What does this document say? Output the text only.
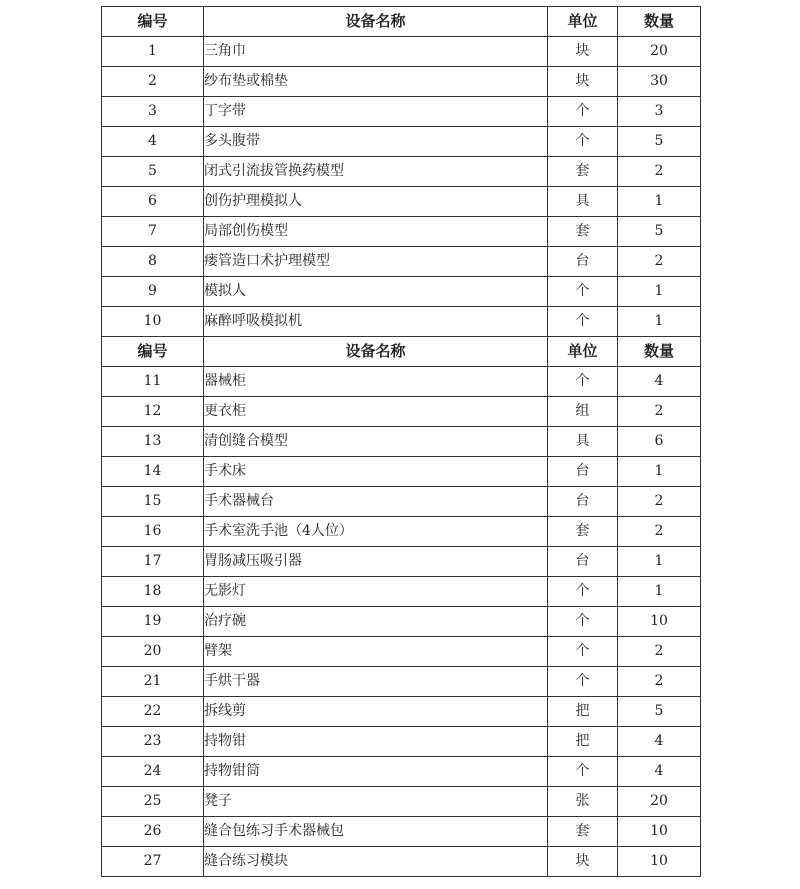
编号	设备名称	单位	数量
1	三角巾	块	20
2	纱布垫或棉垫	块	30
3	丁字带	个	3
4	多头腹带	个	5
5	闭式引流拔管换药模型	套	2
6	创伤护理模拟人	具	1
7	局部创伤模型	套	5
8	瘘管造口术护理模型	台	2
9	模拟人	个	1
10	麻醉呼吸模拟机	个	1
编号	设备名称	单位	数量
11	器械柜	个	4
12	更衣柜	组	2
13	清创缝合模型	具	6
14	手术床	台	1
15	手术器械台	台	2
16	手术室洗手池（4人位）	套	2
17	胃肠减压吸引器	台	1
18	无影灯	个	1
19	治疗碗	个	10
20	臂架	个	2
21	手烘干器	个	2
22	拆线剪	把	5
23	持物钳	把	4
24	持物钳筒	个	4
25	凳子	张	20
26	缝合包练习手术器械包	套	10
27	缝合练习模块	块	10
